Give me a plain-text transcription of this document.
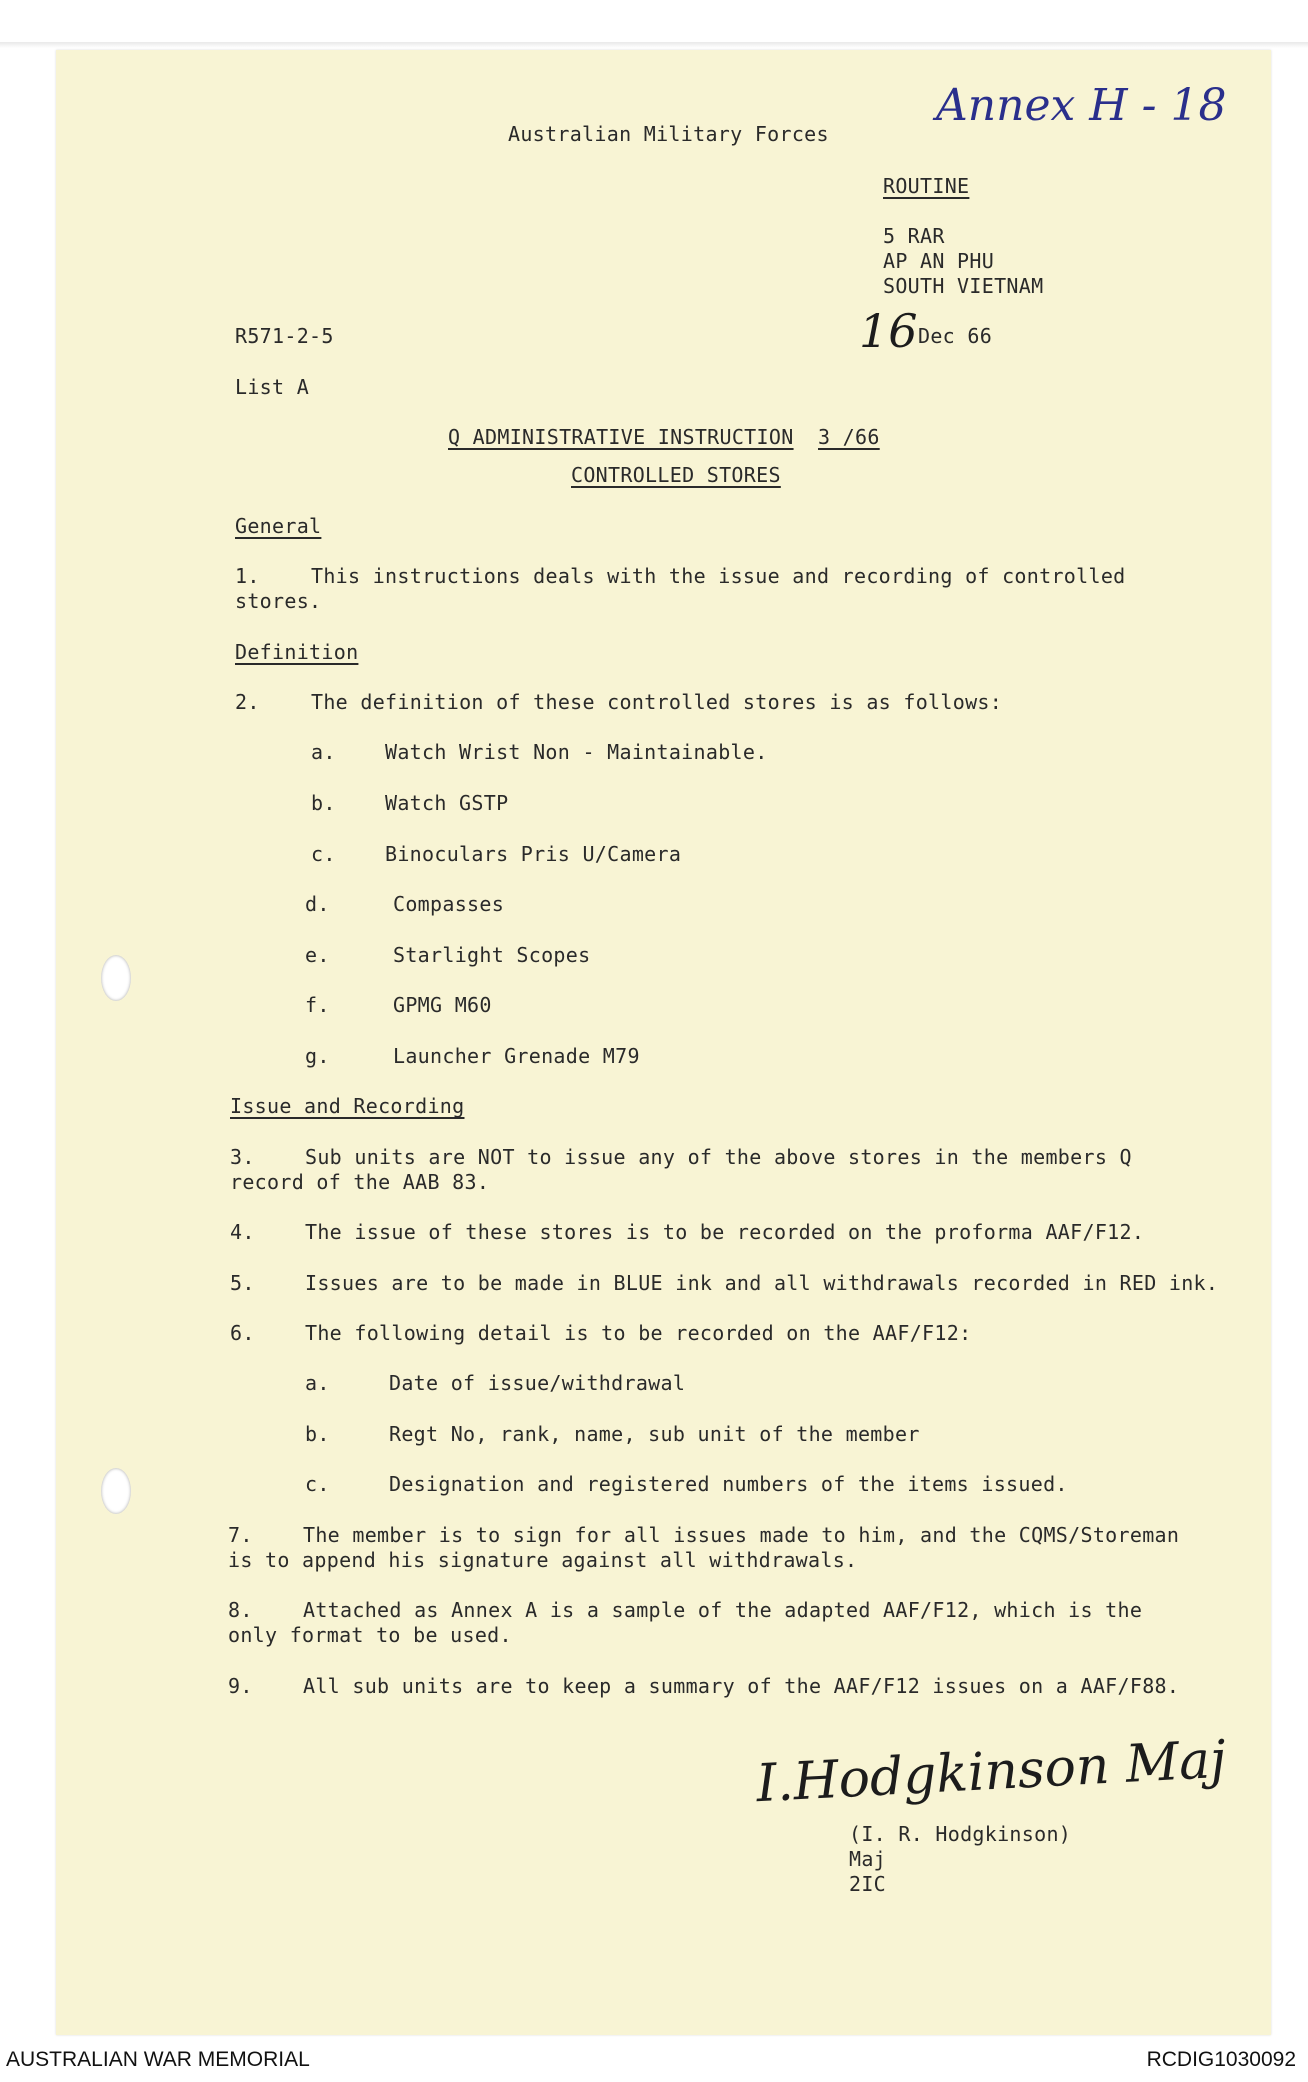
Annex H - 18
Australian Military Forces
ROUTINE
5 RAR
AP AN PHU
SOUTH VIETNAM
R571-2-5	16 Dec 66
List A
Q ADMINISTRATIVE INSTRUCTION 3 /66
CONTROLLED STORES
General
1.	This instructions deals with the issue and recording of controlled
stores.
Definition
2.	The definition of these controlled stores is as follows:
a. Watch Wrist Non - Maintainable.
b. Watch GSTP
c. Binoculars Pris U/Camera
d.	Compasses
e.	Starlight Scopes
f.	GPMG M60
g.	Launcher Grenade M79
Issue and Recording
3.	Sub units are NOT to issue any of the above stores in the members Q
record of the AAB 83.
4.	The issue of these stores is to be recorded on the proforma AAF/F12.
5.	Issues are to be made in BLUE ink and all withdrawals recorded in RED ink.
6.	The following detail is to be recorded on the AAF/F12:
a.	Date of issue/withdrawal
b.	Regt No, rank, name, sub unit of the member
c.	Designation and registered numbers of the items issued.
7.	The member is to sign for all issues made to him, and the CQMS/Storeman
is to append his signature against all withdrawals.
8.	Attached as Annex A is a sample of the adapted AAF/F12, which is the
only format to be used.
9.	All sub units are to keep a summary of the AAF/F12 issues on a AAF/F88.
I.Hodgkinson Maj
(I. R. Hodgkinson)
Maj
2IC
AUSTRALIAN WAR MEMORIAL	RCDIG1030092
